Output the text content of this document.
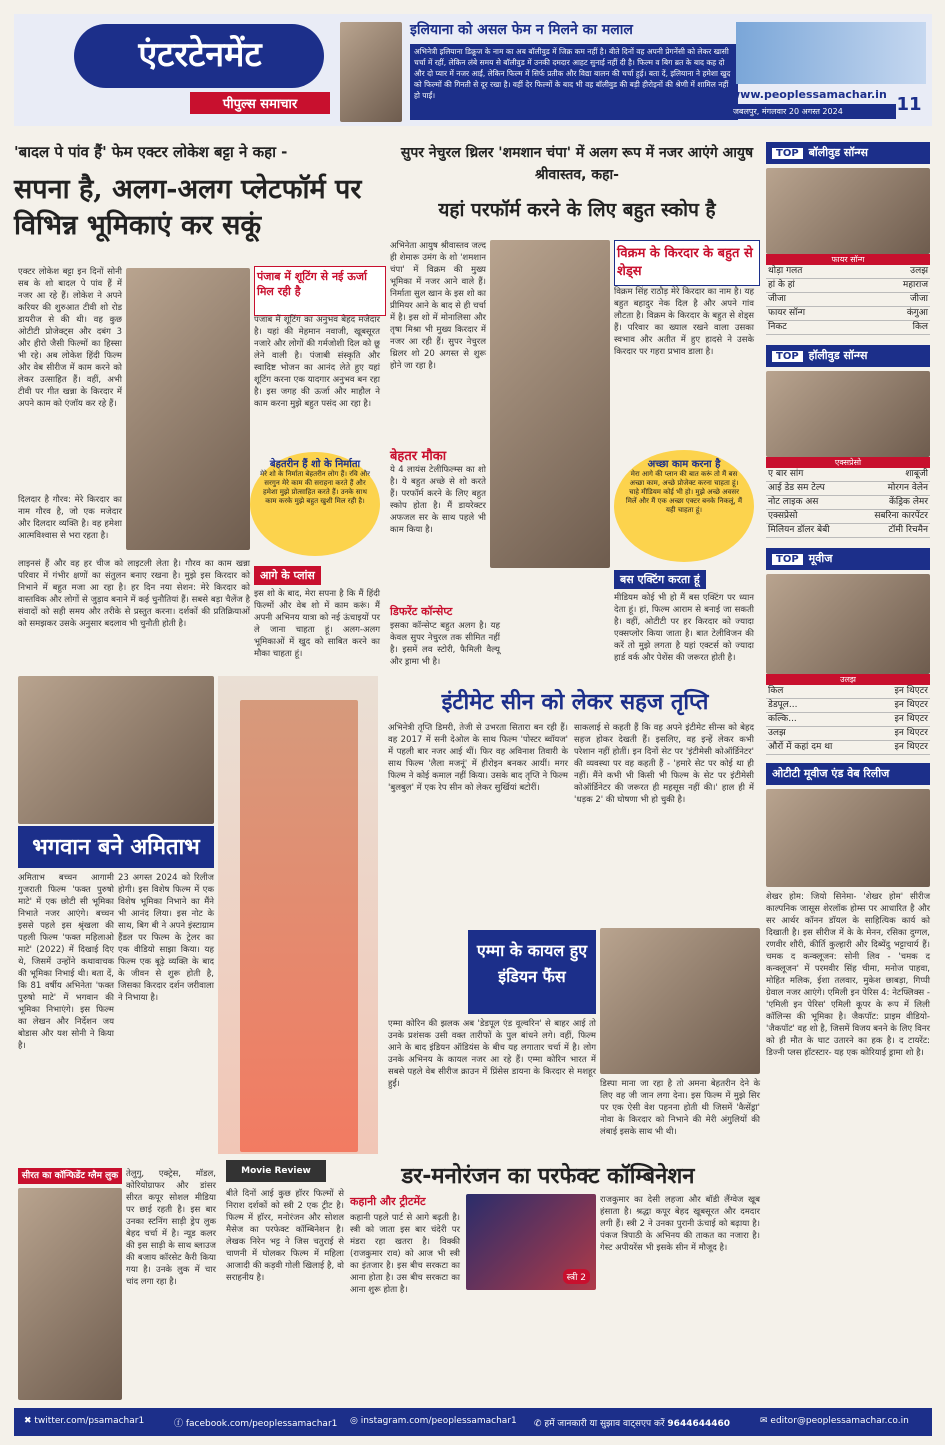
एंटरटेनमेंट
पीपुल्स समाचार
इलियाना को असल फेम न मिलने का मलाल
अभिनेत्री इलियाना डिक्रूज के नाम का अब बॉलीवुड में जिक्र कम नहीं है। बीते दिनों वह अपनी प्रेगनेंसी को लेकर खासी चर्चा में रहीं, लेकिन लंबे समय से बॉलीवुड में उनकी दमदार आहट सुनाई नहीं दी है। फिल्म व बिग ब्रत के बाद कह दो और दो प्यार में नजर आईं, लेकिन फिल्म में सिर्फ प्रतीक और विद्या बालन की चर्चा हुई। बता दें, इलियाना ने हमेशा खुद को फिल्मों की गिनती से दूर रखा है। वहीं देर फिल्मों के बाद भी वह बॉलीवुड की बड़ी हीरोइनों की श्रेणी में शामिल नहीं हो पाईं।	www.peoplessamachar.in
जबलपुर, मंगलवार 20 अगस्त 2024	11
'बादल पे पांव हैं' फेम एक्टर लोकेश बट्टा ने कहा -
सपना है, अलग-अलग प्लेटफॉर्म पर विभिन्न भूमिकाएं कर सकूं
एक्टर लोकेश बट्टा इन दिनों सोनी सब के शो बादल पे पांव हैं में नजर आ रहे हैं। लोकेश ने अपने करियर की शुरुआत टीवी शो रोड डायरीज से की थी। वह कुछ ओटीटी प्रोजेक्ट्स और दबंग 3 और हीरो जैसी फिल्मों का हिस्सा भी रहे। अब लोकेश हिंदी फिल्म और वेब सीरीज में काम करने को लेकर उत्साहित हैं। वहीं, अभी टीवी पर गीत खन्ना के किरदार में अपने काम को एंजॉय कर रहे हैं।
दिलदार है गौरव: मेरे किरदार का नाम गौरव है, जो एक मजेदार और दिलदार व्यक्ति है। वह हमेशा आत्मविश्वास से भरा रहता है।
पंजाब में शूटिंग से नई ऊर्जा मिल रही है
पंजाब में शूटिंग का अनुभव बेहद मजेदार है। यहां की मेहमान नवाजी, खूबसूरत नजारे और लोगों की गर्मजोशी दिल को छू लेने वाली है। पंजाबी संस्कृति और स्वादिष्ट भोजन का आनंद लेते हुए यहां शूटिंग करना एक यादगार अनुभव बन रहा है। इस जगह की ऊर्जा और माहौल ने काम करना मुझे बहुत पसंद आ रहा है।
बेहतरीन हैं शो के निर्माता
मेरे शो के निर्माता बेहतरीन लोग हैं। रवि और सरगुन मेरे काम की सराहना करते हैं और हमेशा मुझे प्रोत्साहित करते हैं। उनके साथ काम करके मुझे बहुत खुशी मिल रही है।
लाइनसं हैं और वह हर चीज को लाइटली लेता है। गौरव का काम खन्ना परिवार में गंभीर क्षणों का संतुलन बनाए रखना है। मुझे इस किरदार को निभाने में बहुत मजा आ रहा है। हर दिन नया सेशन: मेरे किरदार को वास्तविक और लोगों से जुड़ाव बनाने में कई चुनौतियां हैं। सबसे बड़ा चैलेंज है संवादों को सही समय और तरीके से प्रस्तुत करना। दर्शकों की प्रतिक्रियाओं को समझकर उसके अनुसार बदलाव भी चुनौती होती है।
आगे के प्लांस
इस शो के बाद, मेरा सपना है कि मैं हिंदी फिल्मों और वेब शो में काम करूं। मैं अपनी अभिनय यात्रा को नई ऊंचाइयों पर ले जाना चाहता हूं। अलग-अलग भूमिकाओं में खुद को साबित करने का मौका चाहता हूं।
सुपर नेचुरल थ्रिलर 'शमशान चंपा' में अलग रूप में नजर आएंगे आयुष श्रीवास्तव, कहा-
यहां परफॉर्म करने के लिए बहुत स्कोप है
अभिनेता आयुष श्रीवास्तव जल्द ही शेमारू उमंग के शो 'शमशान चंपा' में विक्रम की मुख्य भूमिका में नजर आने वाले हैं। निर्माता सुल खान के इस शो का प्रीमियर आने के बाद से ही चर्चा में है। इस शो में मोनालिसा और तृषा मिश्रा भी मुख्य किरदार में नजर आ रही हैं। सुपर नेचुरल थ्रिलर शो 20 अगस्त से शुरू होने जा रहा है।
बेहतर मौका
ये 4 लायंस टेलीफिल्म्स का शो है। ये बहुत अच्छे से शो करते हैं। परफॉर्म करने के लिए बहुत स्कोप होता है। मैं डायरेक्टर अफजल सर के साथ पहले भी काम किया है।
डिफरेंट कॉन्सेप्ट
इसका कॉन्सेप्ट बहुत अलग है। यह केवल सुपर नेचुरल तक सीमित नहीं है। इसमें लव स्टोरी, फैमिली वैल्यू और ड्रामा भी है।
विक्रम के किरदार के बहुत से शेड्स
विक्रम सिंह राठौड़ मेरे किरदार का नाम है। यह बहुत बहादुर नेक दिल है और अपने गांव लौटता है। विक्रम के किरदार के बहुत से शेड्स हैं। परिवार का ख्याल रखने वाला उसका स्वभाव और अतीत में हुए हादसे ने उसके किरदार पर गहरा प्रभाव डाला है।
अच्छा काम करना है
मेरा आगे की प्लान की बात करूं तो मैं बस अच्छा काम, अच्छे प्रोजेक्ट करना चाहता हूं। चाहे मीडियम कोई भी हो। मुझे अच्छे अवसर मिलें और मैं एक अच्छा एक्टर बनके निकलूं, मैं यही चाहता हूं।
बस एक्टिंग करता हूं
मीडियम कोई भी हो मैं बस एक्टिंग पर ध्यान देता हूं। हां, फिल्म आराम से बनाई जा सकती है। वहीं, ओटीटी पर हर किरदार को ज्यादा एक्सप्लोर किया जाता है। बात टेलीविजन की करें तो मुझे लगता है यहां एक्टर्स को ज्यादा हार्ड वर्क और पेशेंस की जरूरत होती है।
TOP बॉलीवुड सॉन्ग्स
फायर सॉन्ग
थोड़ा गलत	उलझ
हां के हां	महाराज
जीजा	जीजा
फायर सॉन्ग	कंगुआ
निकट	किल
TOP हॉलीवुड सॉन्ग्स
एक्सप्रेसो
ए बार सांग	शाबूजी
आई डेड सम टेल्प	मोरगन वेलेन
नोट लाइक अस	केंड्रिक लेमर
एक्सप्रेसो	सबरिना कारपेंटर
मिलियन डॉलर बेबी	टॉमी रिचमैन
TOP मूवीज
उलझ
किल	इन थिएटर
डेडपूल...	इन थिएटर
कल्कि...	इन थिएटर
उलझ	इन थिएटर
औरों में कहां दम था	इन थिएटर
ओटीटी मूवीज एंड वेब रिलीज
शेखर होम: जियो सिनेमा- 'शेखर होम' सीरीज काल्पनिक जासूस शेरलॉक होम्स पर आधारित है और सर आर्थर कॉनन डॉयल के साहित्यिक कार्य को दिखाती है। इस सीरीज में के के मेनन, रसिका दुग्गल, रणवीर शौरी, कीर्ति कुल्हारी और दिब्येंदु भट्टाचार्य हैं। चमक द कन्क्लूजन: सोनी लिव - 'चमक द कन्क्लूजन' में परमवीर सिंह चीमा, मनोज पाहवा, मोहित मलिक, ईशा तलवार, मुकेश छाबड़ा, गिप्पी ग्रेवाल नजर आएंगे। एमिली इन पेरिस 4: नेटफ्लिक्स - 'एमिली इन पेरिस' एमिली कूपर के रूप में लिली कॉलिन्स की भूमिका है। जैकपॉट: प्राइम वीडियो- 'जैकपॉट' वह शो है, जिसमें विजय बनने के लिए विनर को ही मौत के घाट उतारने का हक है। द टायरेंट: डिज्नी प्लस हॉटस्टार- यह एक कोरियाई ड्रामा शो है।
भगवान बने अमिताभ
अमिताभ बच्चन आगामी गुजराती फिल्म 'फक्त पुरुषो माटे' में एक छोटी सी भूमिका निभाते नजर आएंगे। बच्चन इससे पहले इस श्रृंखला की पहली फिल्म 'फक्त महिलाओ माटे' (2022) में दिखाई दिए थे, जिसमें उन्होंने कथावाचक की भूमिका निभाई थी। बता दें, कि 81 वर्षीय अभिनेता 'फक्त पुरुषो माटे' में भगवान की भूमिका निभाएंगे। इस फिल्म का लेखन और निर्देशन जय बोडास और यश सोनी ने किया है।
23 अगस्त 2024 को रिलीज होगी। इस विशेष फिल्म में एक विशेष भूमिका निभाने का मैंने भी आनंद लिया। इस नोट के साथ, बिग बी ने अपने इंस्टाग्राम हैंडल पर फिल्म के ट्रेलर का एक वीडियो साझा किया। यह फिल्म एक बूढ़े व्यक्ति के बाद के जीवन से शुरू होती है, जिसका किरदार दर्शन जरीवाला ने निभाया है।
इंटीमेट सीन को लेकर सहज तृप्ति
अभिनेत्री तृप्ति डिमरी, तेजी से उभरता सितारा बन रही हैं। वह 2017 में सनी देओल के साथ फिल्म 'पोस्टर ब्वॉयज' में पहली बार नजर आई थीं। फिर वह अविनाश तिवारी के साथ फिल्म 'लैला मजनूं' में हीरोइन बनकर आयीं। मगर फिल्म ने कोई कमाल नहीं किया। उसके बाद तृप्ति ने फिल्म 'बुलबुल' में एक रेप सीन को लेकर सुर्खियां बटोरीं।
साकलाई से कहती हैं कि वह अपने इंटीमेट सीन्स को बेहद सहज होकर देखती हैं। इसलिए, वह इन्हें लेकर कभी परेशान नहीं होतीं। इन दिनों सेट पर 'इंटीमेसी कोऑर्डिनेटर' की व्यवस्था पर वह कहती हैं - 'हमारे सेट पर कोई था ही नहीं। मैंने कभी भी किसी भी फिल्म के सेट पर इंटीमेसी कोऑर्डिनेटर की जरूरत ही महसूस नहीं की।' हाल ही में 'धड़क 2' की घोषणा भी हो चुकी है।
एम्मा के कायल हुए इंडियन फैंस
एम्मा कोरिन की झलक अब 'डेडपूल एंड वूल्वरिन' से बाहर आई तो उनके प्रशंसक उसी वक्त तारीफों के पुल बांधने लगे। वहीं, फिल्म आने के बाद इंडियन ऑडियंस के बीच यह लगातार चर्चा में है। लोग उनके अभिनय के कायल नजर आ रहे हैं। एम्मा कोरिन भारत में सबसे पहले वेब सीरीज क्राउन में प्रिंसेस डायना के किरदार से मशहूर हुईं।	डिस्पा माना जा रहा है तो अमना बेहतरीन देने के लिए वह जी जान लगा देना। इस फिल्म में मुझे सिर पर एक ऐसी वेश पहनना होती थी जिसमें 'कैसेंड्रा' नोवा के किरदार को निभाने की मेरी अंगुलियों की लंबाई इसके साथ भी थी।
सीरत का कॉन्फिडेंट ग्लैम लुक तेलुगु, एक्ट्रेस, मॉडल, कोरियोग्राफर और डांसर सीरत कपूर सोशल मीडिया पर छाई रहती है। इस बार उनका स्टनिंग साड़ी ड्रेप लुक बेहद चर्चा में है। न्यूड कलर की इस साड़ी के साथ ब्लाउज की बजाय कॉरसेट कैरी किया गया है। उनके लुक में चार चांद लगा रहा है।
Movie Review	डर-मनोरंजन का परफेक्ट कॉम्बिनेशन
बीते दिनों आई कुछ हॉरर फिल्मों से निराश दर्शकों को स्त्री 2 एक ट्रीट है। फिल्म में हॉरर, मनोरंजन और सोशल मैसेज का परफेक्ट कॉम्बिनेशन है। लेखक निरेन भट्ट ने जिस चतुराई से चाणनी में घोलकर फिल्म में महिला आजादी की कड़वी गोली खिलाई है, वो सराहनीय है।
कहानी और ट्रीटमेंट
कहानी पहले पार्ट से आगे बढ़ती है। स्त्री को जाता इस बार चंदेरी पर मंडरा रहा खतरा है। विक्की (राजकुमार राव) को आज भी स्त्री का इंतजार है। इस बीच सरकटा का आना होता है। उस बीच सरकटा का आना शुरू होता है।
स्त्री 2
राजकुमार का देसी लहजा और बॉडी लैंग्वेज खूब हंसाता है। श्रद्धा कपूर बेहद खूबसूरत और दमदार लगी हैं। स्त्री 2 ने उनका पुरानी ऊंचाई को बढ़ाया है। पंकज त्रिपाठी के अभिनय की ताकत का नजारा है। गेस्ट अपीयरेंस भी इसके सीन में मौजूद है।
✖ twitter.com/psamachar1	ⓕ facebook.com/peoplessamachar1 ◎ instagram.com/peoplessamachar1 ✆ हमें जानकारी या सुझाव वाट्सएप करें 9644644460	✉ editor@peoplessamachar.co.in
